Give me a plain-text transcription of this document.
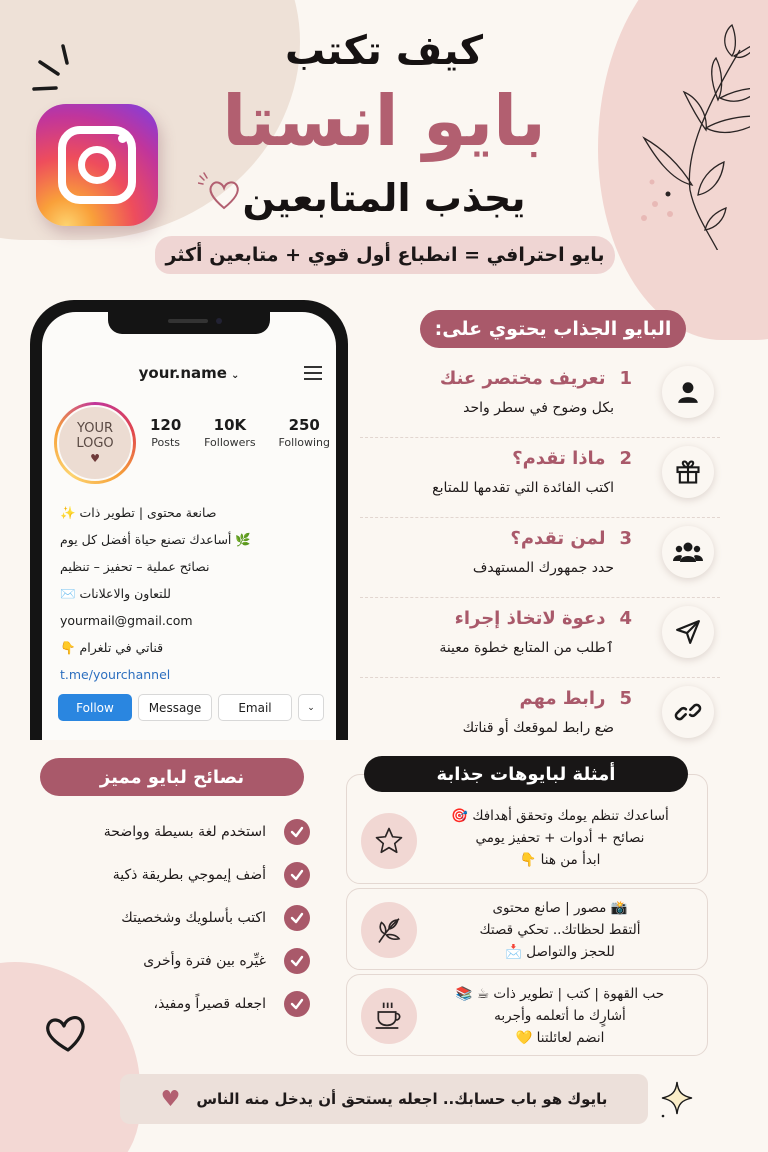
كيف تكتب
بايو انستا
يجذب المتابعين
بايو احترافي = انطباع أول قوي + متابعين أكثر
your.name ⌄
YOUR
LOGO
♥
120
Posts
10K
Followers
250
Following
صانعة محتوى | تطوير ذات ✨
🌿 أساعدك تصنع حياة أفضل كل يوم
نصائح عملية – تحفيز – تنظيم
للتعاون والاعلانات ✉️
yourmail@gmail.com
قناتي في تلغرام 👇
t.me/yourchannel
Follow	Message	Email	⌄
البايو الجذاب يحتوي على:
1تعريف مختصر عنك
بكل وضوح في سطر واحد
2ماذا تقدم؟
اكتب الفائدة التي تقدمها للمتابع
3لمن تقدم؟
حدد جمهورك المستهدف
4دعوة لاتخاذ إجراء
ٱطلب من المتابع خطوة معينة
5رابط مهم
ضع رابط لموقعك أو قناتك
نصائح لبايو مميز
استخدم لغة بسيطة وواضحة
أضف إيموجي بطريقة ذكية
اكتب بأسلويك وشخصيتك
غيِّره بين فترة وأخرى
اجعله قصيراً ومفيذ،
أمثلة لبايوهات جذابة
أساعدك تنظم يومك وتحقق أهدافك 🎯
نصائح + أدوات + تحفيز يومي
ابدأ من هنا 👇
📸 مصور | صانع محتوى
ألتقط لحظاتك.. تحكي قصتك
للحجز والتواصل 📩
حب القهوة | كتب | تطوير ذات ☕ 📚
أشارٍك ما أتعلمه وأجربه
انضم لعائلتنا 💛
بايوك هو باب حسابك.. اجعله يستحق أن يدخل منه الناس
♥
